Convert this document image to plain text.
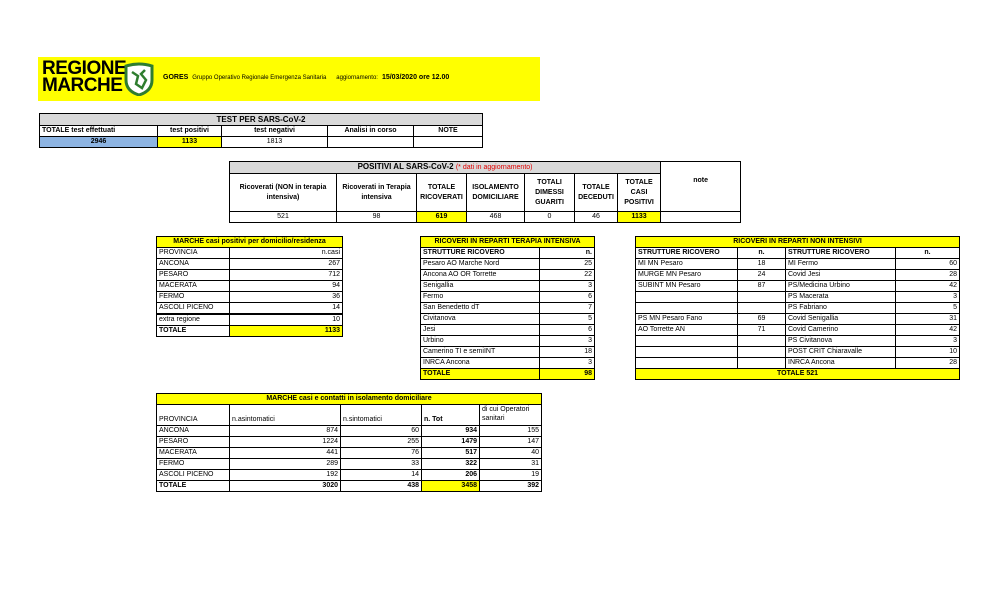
REGIONE
MARCHE	GORES Gruppo Operativo Regionale Emergenza Sanitaria aggiornamento: 15/03/2020 ore 12.00
TEST PER SARS-CoV-2				
TOTALE test effettuati	test positivi	test negativi	Analisi in corso	NOTE
2946	1133	1813		
POSITIVI AL SARS-CoV-2 (* dati in aggiornamento)							note
Ricoverati (NON in terapia intensiva)	Ricoverati in Terapia intensiva	TOTALE RICOVERATI	ISOLAMENTO DOMICILIARE	TOTALI DIMESSI GUARITI	TOTALE DECEDUTI	TOTALE CASI POSITIVI	
521	98	619	468	0	46	1133	
MARCHE casi positivi per domicilio/residenza	
PROVINCIA	n.casi
ANCONA	267
PESARO	712
MACERATA	94
FERMO	36
ASCOLI PICENO	14

extra regione	10
TOTALE	1133
RICOVERI IN REPARTI TERAPIA INTENSIVA	
STRUTTURE RICOVERO	n.
Pesaro AO Marche Nord	25
Ancona AO OR Torrette	22
Senigallia	3
Fermo	6
San Benedetto dT	7
Civitanova	5
Jesi	6
Urbino	3
Camerino TI e semiINT	18
INRCA Ancona	3
TOTALE	98
RICOVERI IN REPARTI NON INTENSIVI			
STRUTTURE RICOVERO	n.	STRUTTURE RICOVERO	n.
MI MN Pesaro	18	MI Fermo	60
MURGE MN Pesaro	24	Covid Jesi	28
SUBINT MN Pesaro	87	PS/Medicina Urbino	42
		PS Macerata	3
		PS Fabriano	5
PS MN Pesaro Fano	69	Covid Senigallia	31
AO Torrette AN	71	Covid Camerino	42
		PS Civitanova	3
		POST CRIT Chiaravalle	10
		INRCA Ancona	28
TOTALE 521			
MARCHE casi e contatti in isolamento domiciliare				
PROVINCIA	n.asintomatici	n.sintomatici	n. Tot	di cui Operatori sanitari
ANCONA	874	60	934	155
PESARO	1224	255	1479	147
MACERATA	441	76	517	40
FERMO	289	33	322	31
ASCOLI PICENO	192	14	206	19
TOTALE	3020	438	3458	392
